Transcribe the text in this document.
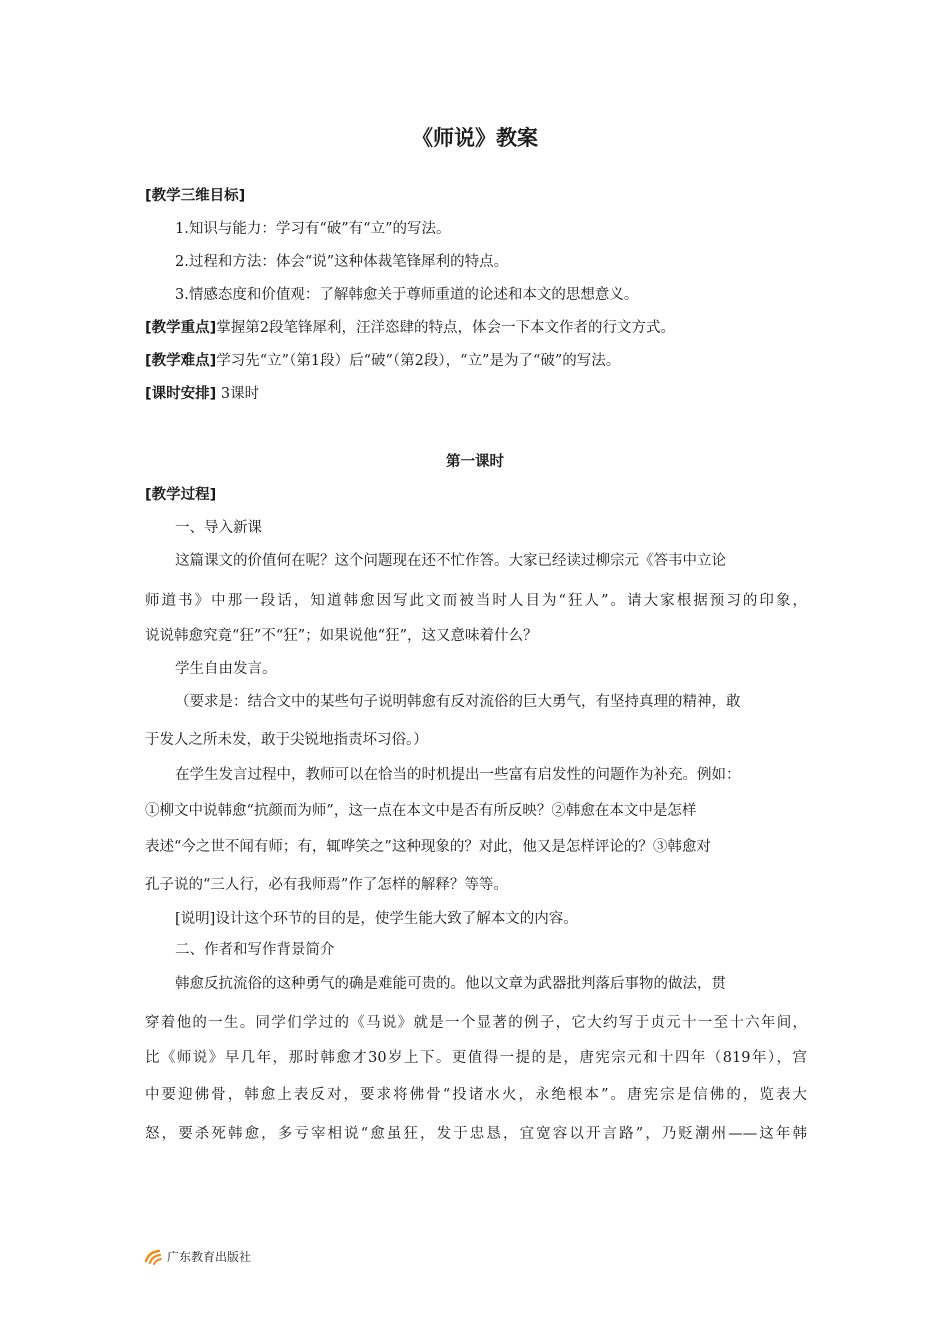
《师说》教案
[教学三维目标]
1.知识与能力：学习有“破”有“立”的写法。
2.过程和方法：体会“说”这种体裁笔锋犀利的特点。
3.情感态度和价值观：了解韩愈关于尊师重道的论述和本文的思想意义。
[教学重点]掌握第2段笔锋犀利，汪洋恣肆的特点，体会一下本文作者的行文方式。
[教学难点]学习先“立”（第1段）后“破”（第2段），“立”是为了“破”的写法。
[课时安排] 3课时
第一课时
[教学过程]
一、导入新课
这篇课文的价值何在呢？这个问题现在还不忙作答。大家已经读过柳宗元《答韦中立论
师道书》中那一段话，知道韩愈因写此文而被当时人目为“狂人”。请大家根据预习的印象，
说说韩愈究竟“狂”不“狂”；如果说他“狂”，这又意味着什么？
学生自由发言。
（要求是：结合文中的某些句子说明韩愈有反对流俗的巨大勇气，有坚持真理的精神，敢
于发人之所未发，敢于尖锐地指责坏习俗。）
在学生发言过程中，教师可以在恰当的时机提出一些富有启发性的问题作为补充。例如：
①柳文中说韩愈“抗颜而为师”，这一点在本文中是否有所反映？②韩愈在本文中是怎样
表述“今之世不闻有师；有，辄哗笑之”这种现象的？对此，他又是怎样评论的？③韩愈对
孔子说的“三人行，必有我师焉”作了怎样的解释？等等。
[说明]设计这个环节的目的是，使学生能大致了解本文的内容。
二、作者和写作背景简介
韩愈反抗流俗的这种勇气的确是难能可贵的。他以文章为武器批判落后事物的做法，贯
穿着他的一生。同学们学过的《马说》就是一个显著的例子，它大约写于贞元十一至十六年间，
比《师说》早几年，那时韩愈才30岁上下。更值得一提的是，唐宪宗元和十四年（819年），宫
中要迎佛骨，韩愈上表反对，要求将佛骨“投诸水火，永绝根本”。唐宪宗是信佛的，览表大
怒，要杀死韩愈，多亏宰相说“愈虽狂，发于忠恳，宜宽容以开言路”，乃贬潮州——这年韩
广东教育出版社
